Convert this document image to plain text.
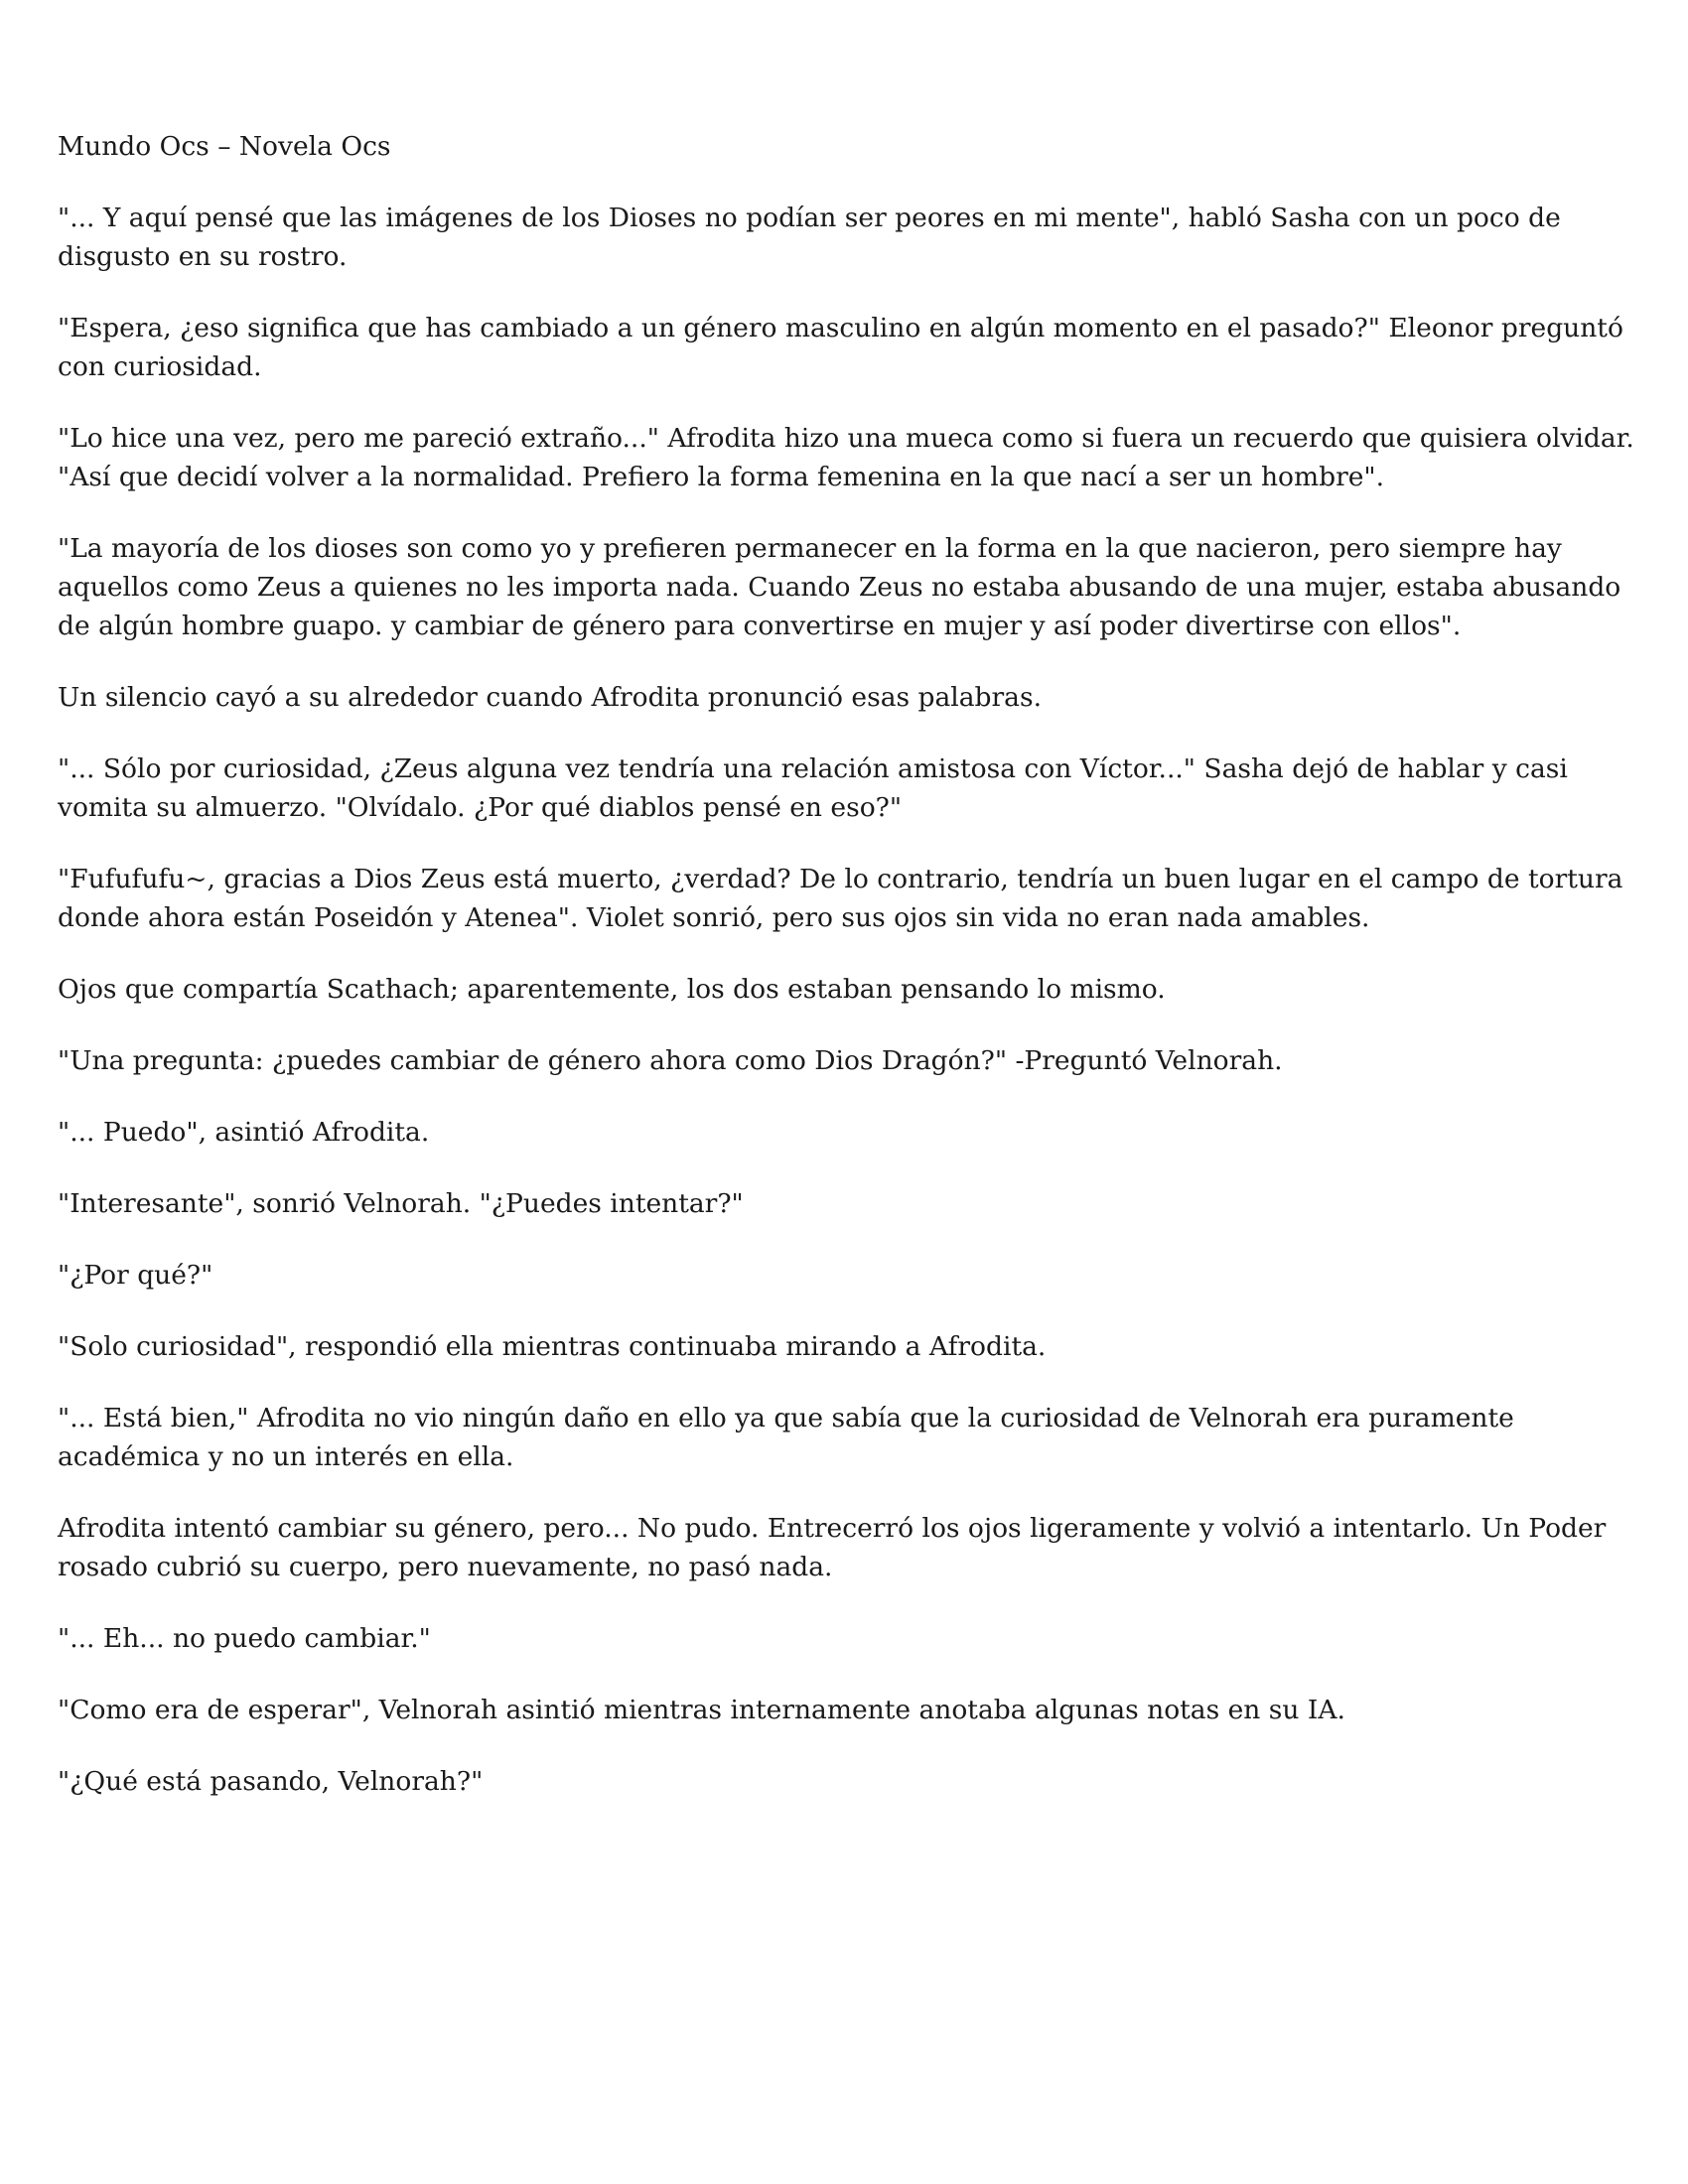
Mundo Ocs – Novela Ocs

"... Y aquí pensé que las imágenes de los Dioses no podían ser peores en mi mente", habló Sasha con un poco de disgusto en su rostro.

"Espera, ¿eso significa que has cambiado a un género masculino en algún momento en el pasado?" Eleonor preguntó con curiosidad.

"Lo hice una vez, pero me pareció extraño..." Afrodita hizo una mueca como si fuera un recuerdo que quisiera olvidar. "Así que decidí volver a la normalidad. Prefiero la forma femenina en la que nací a ser un hombre".

"La mayoría de los dioses son como yo y prefieren permanecer en la forma en la que nacieron, pero siempre hay aquellos como Zeus a quienes no les importa nada. Cuando Zeus no estaba abusando de una mujer, estaba abusando de algún hombre guapo. y cambiar de género para convertirse en mujer y así poder divertirse con ellos".

Un silencio cayó a su alrededor cuando Afrodita pronunció esas palabras.

"... Sólo por curiosidad, ¿Zeus alguna vez tendría una relación amistosa con Víctor..." Sasha dejó de hablar y casi vomita su almuerzo. "Olvídalo. ¿Por qué diablos pensé en eso?"

"Fufufufu~, gracias a Dios Zeus está muerto, ¿verdad? De lo contrario, tendría un buen lugar en el campo de tortura donde ahora están Poseidón y Atenea". Violet sonrió, pero sus ojos sin vida no eran nada amables.

Ojos que compartía Scathach; aparentemente, los dos estaban pensando lo mismo.

"Una pregunta: ¿puedes cambiar de género ahora como Dios Dragón?" -Preguntó Velnorah.

"... Puedo", asintió Afrodita.

"Interesante", sonrió Velnorah. "¿Puedes intentar?"

"¿Por qué?"

"Solo curiosidad", respondió ella mientras continuaba mirando a Afrodita.

"... Está bien," Afrodita no vio ningún daño en ello ya que sabía que la curiosidad de Velnorah era puramente académica y no un interés en ella.

Afrodita intentó cambiar su género, pero... No pudo. Entrecerró los ojos ligeramente y volvió a intentarlo. Un Poder rosado cubrió su cuerpo, pero nuevamente, no pasó nada.

"... Eh... no puedo cambiar."

"Como era de esperar", Velnorah asintió mientras internamente anotaba algunas notas en su IA.

"¿Qué está pasando, Velnorah?"
